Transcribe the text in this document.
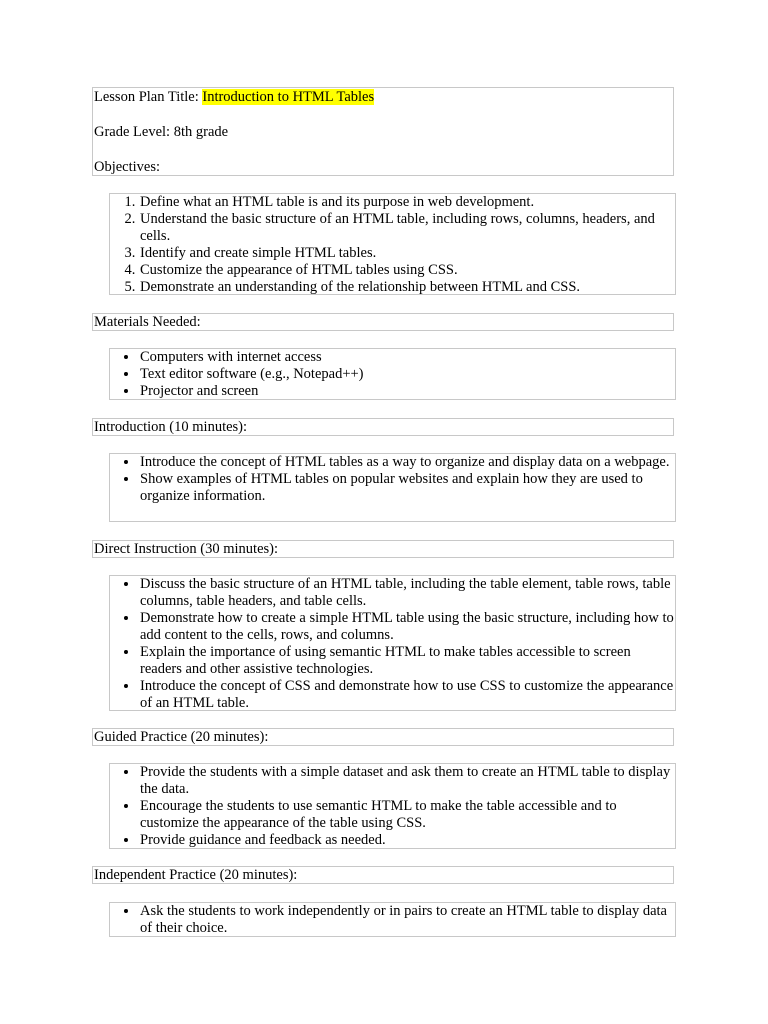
Lesson Plan Title: Introduction to HTML Tables

Grade Level: 8th grade

Objectives:

1. Define what an HTML table is and its purpose in web development.
2. Understand the basic structure of an HTML table, including rows, columns, headers, and cells.
3. Identify and create simple HTML tables.
4. Customize the appearance of HTML tables using CSS.
5. Demonstrate an understanding of the relationship between HTML and CSS.

Materials Needed:

• Computers with internet access
• Text editor software (e.g., Notepad++)
• Projector and screen

Introduction (10 minutes):

• Introduce the concept of HTML tables as a way to organize and display data on a webpage.
• Show examples of HTML tables on popular websites and explain how they are used to organize information.

Direct Instruction (30 minutes):

• Discuss the basic structure of an HTML table, including the table element, table rows, table columns, table headers, and table cells.
• Demonstrate how to create a simple HTML table using the basic structure, including how to add content to the cells, rows, and columns.
• Explain the importance of using semantic HTML to make tables accessible to screen readers and other assistive technologies.
• Introduce the concept of CSS and demonstrate how to use CSS to customize the appearance of an HTML table.

Guided Practice (20 minutes):

• Provide the students with a simple dataset and ask them to create an HTML table to display the data.
• Encourage the students to use semantic HTML to make the table accessible and to customize the appearance of the table using CSS.
• Provide guidance and feedback as needed.

Independent Practice (20 minutes):

• Ask the students to work independently or in pairs to create an HTML table to display data of their choice.
